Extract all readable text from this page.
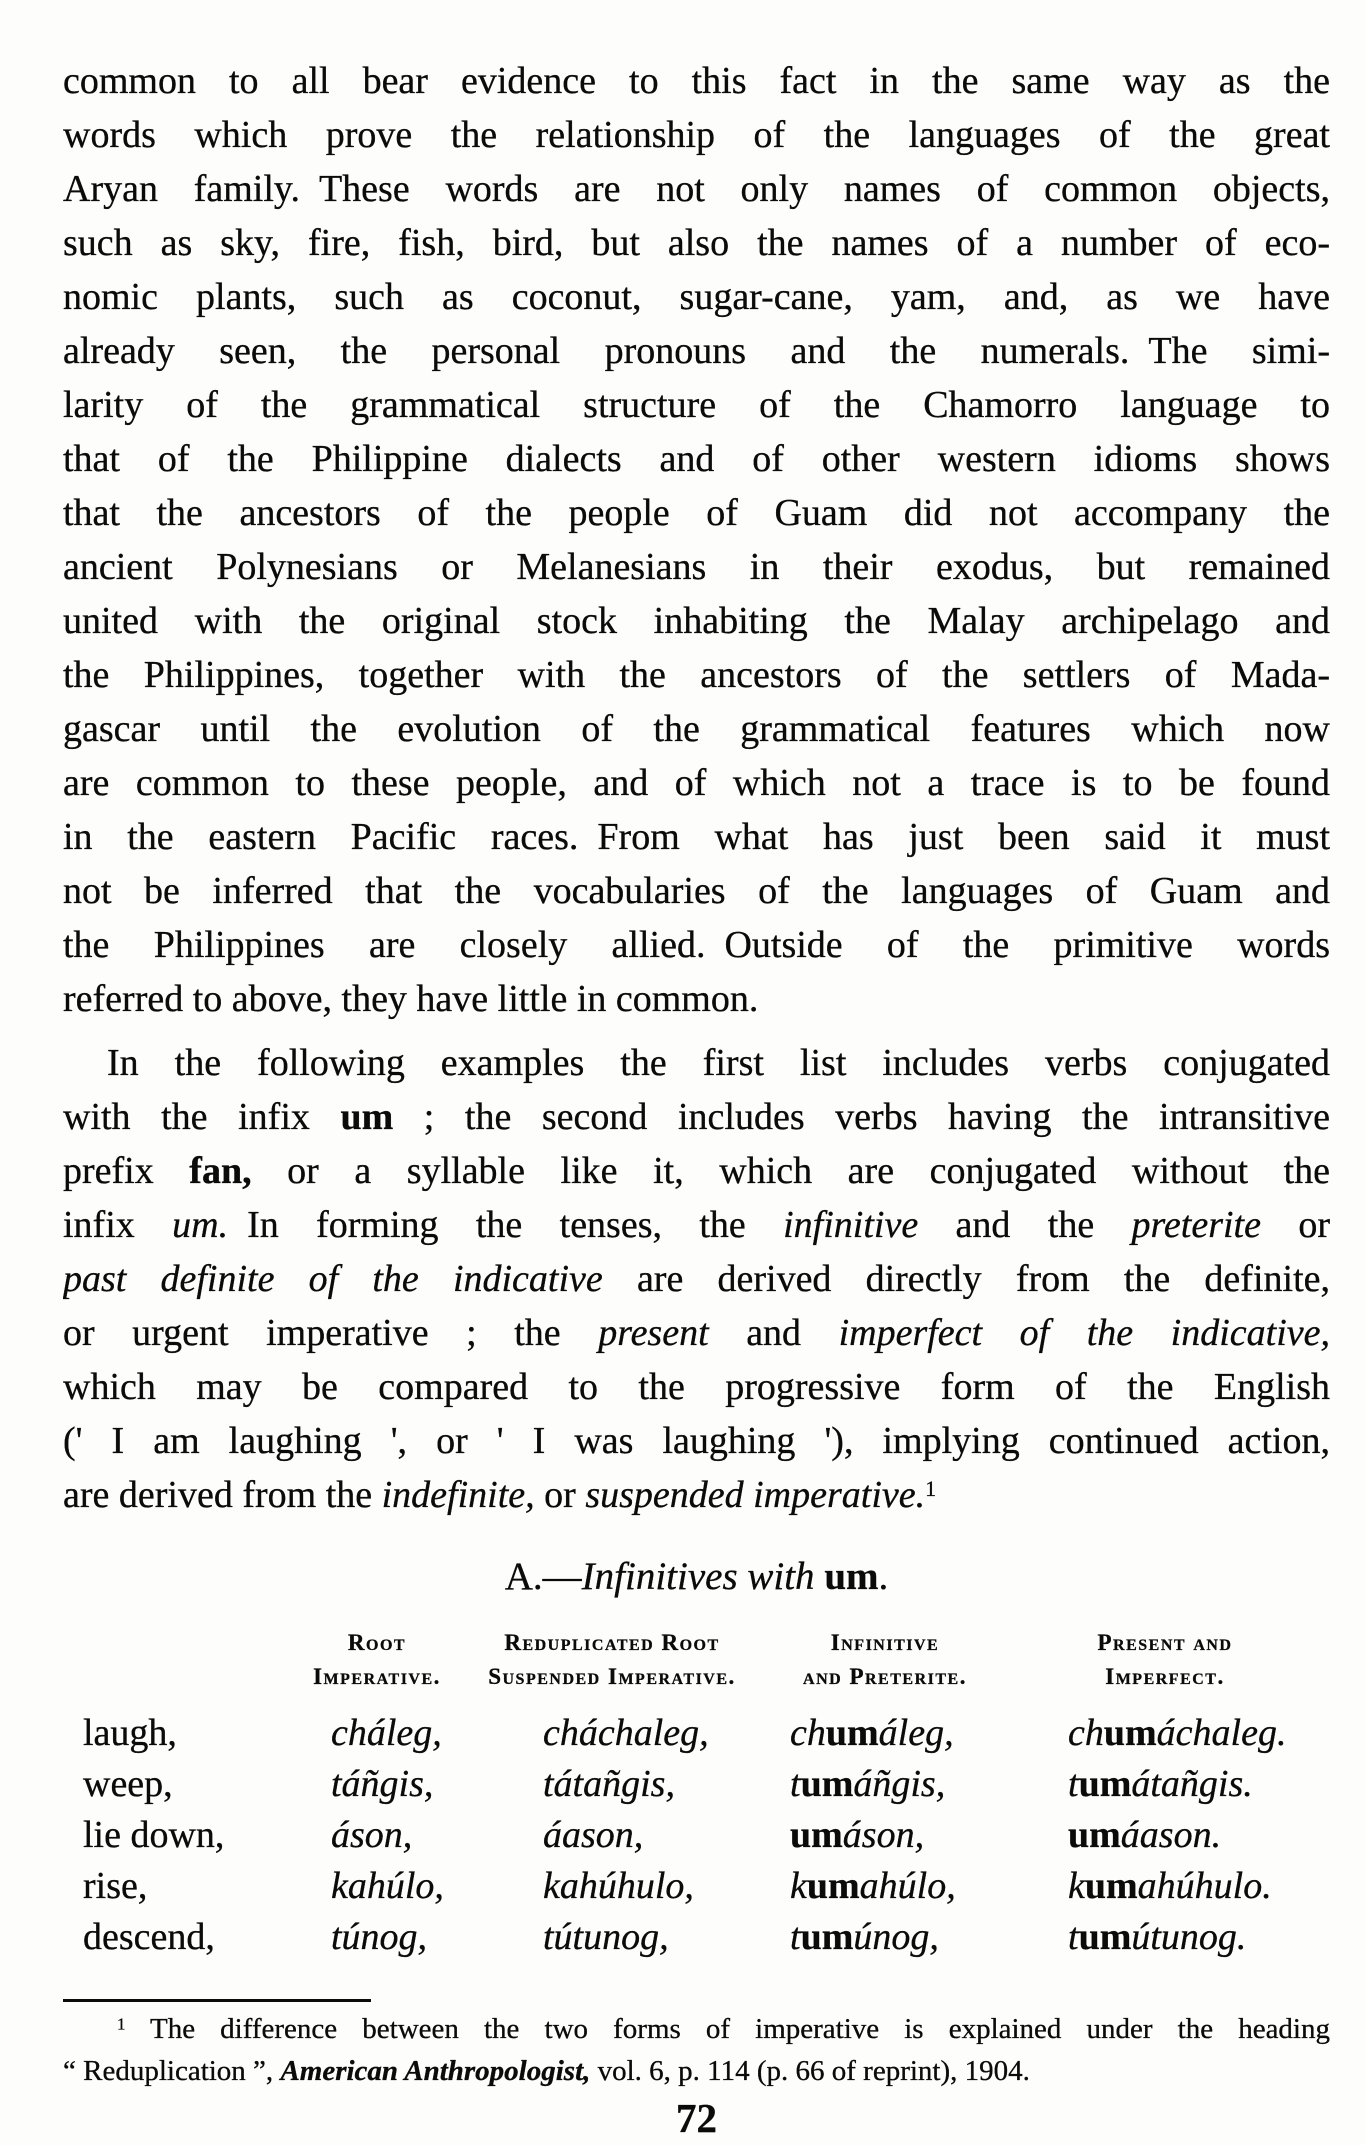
common to all bear evidence to this fact in the same way as the
words which prove the relationship of the languages of the great
Aryan family. These words are not only names of common objects,
such as sky, fire, fish, bird, but also the names of a number of eco-
nomic plants, such as coconut, sugar-cane, yam, and, as we have
already seen, the personal pronouns and the numerals. The simi-
larity of the grammatical structure of the Chamorro language to
that of the Philippine dialects and of other western idioms shows
that the ancestors of the people of Guam did not accompany the
ancient Polynesians or Melanesians in their exodus, but remained
united with the original stock inhabiting the Malay archipelago and
the Philippines, together with the ancestors of the settlers of Mada-
gascar until the evolution of the grammatical features which now
are common to these people, and of which not a trace is to be found
in the eastern Pacific races. From what has just been said it must
not be inferred that the vocabularies of the languages of Guam and
the Philippines are closely allied. Outside of the primitive words
referred to above, they have little in common.
In the following examples the first list includes verbs conjugated
with the infix um ; the second includes verbs having the intransitive
prefix fan, or a syllable like it, which are conjugated without the
infix um. In forming the tenses, the infinitive and the preterite or
past definite of the indicative are derived directly from the definite,
or urgent imperative ; the present and imperfect of the indicative,
which may be compared to the progressive form of the English
(' I am laughing ', or ' I was laughing '), implying continued action,
are derived from the indefinite, or suspended imperative.$^1$
A.—Infinitives with um.
Root
Imperative.
Reduplicated Root
Suspended Imperative.
Infinitive
and Preterite.
Present and
Imperfect.
laugh,	cháleg,	cháchaleg,	chumáleg,	chumáchaleg.
weep,	táñgis,	tátañgis,	tumáñgis,	tumátañgis.
lie down,	áson,	áason,	umáson,	umáason.
rise,	kahúlo,	kahúhulo,	kumahúlo,	kumahúhulo.
descend,	túnog,	tútunog,	tumúnog,	tumútunog.
$^1$ The difference between the two forms of imperative is explained under the heading
“ Reduplication ”, American Anthropologist, vol. 6, p. 114 (p. 66 of reprint), 1904.
72
